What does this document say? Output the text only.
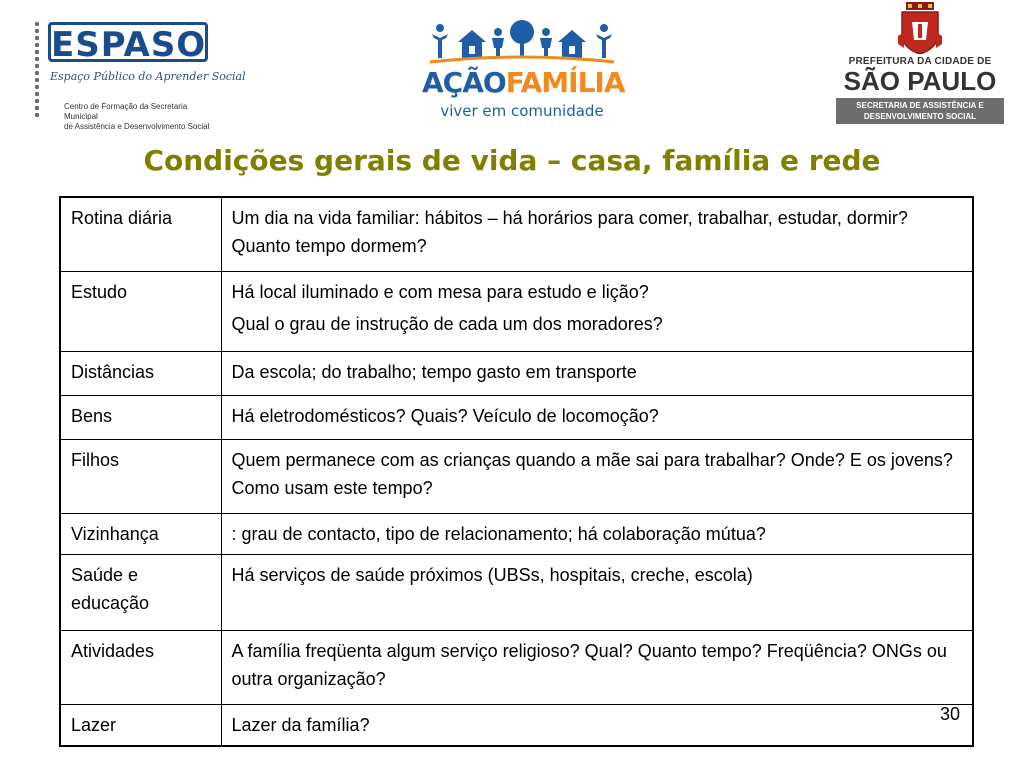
ESPASO
Espaço Público do Aprender Social
Centro de Formação da Secretaria Municipal
de Assistência e Desenvolvimento Social
AÇÃOFAMÍLIA
viver em comunidade
PREFEITURA DA CIDADE DE
SÃO PAULO
SECRETARIA DE ASSISTÊNCIA E
DESENVOLVIMENTO SOCIAL
Condições gerais de vida – casa, família e rede
Rotina diária	Um dia na vida familiar: hábitos – há horários para comer, trabalhar, estudar, dormir? Quanto tempo dormem?
Estudo	Há local iluminado e com mesa para estudo e lição?
Qual o grau de instrução de cada um dos moradores?

Distâncias	Da escola; do trabalho; tempo gasto em transporte
Bens	Há eletrodomésticos? Quais? Veículo de locomoção?
Filhos	Quem permanece com as crianças quando a mãe sai para trabalhar? Onde? E os jovens?Como usam este tempo?
Vizinhança	: grau de contacto, tipo de relacionamento; há colaboração mútua?
Saúde e educação	Há serviços de saúde próximos (UBSs, hospitais, creche, escola)
Atividades	A família freqüenta algum serviço religioso? Qual? Quanto tempo? Freqüência? ONGs ou outra organização?
Lazer	Lazer da família?
30
